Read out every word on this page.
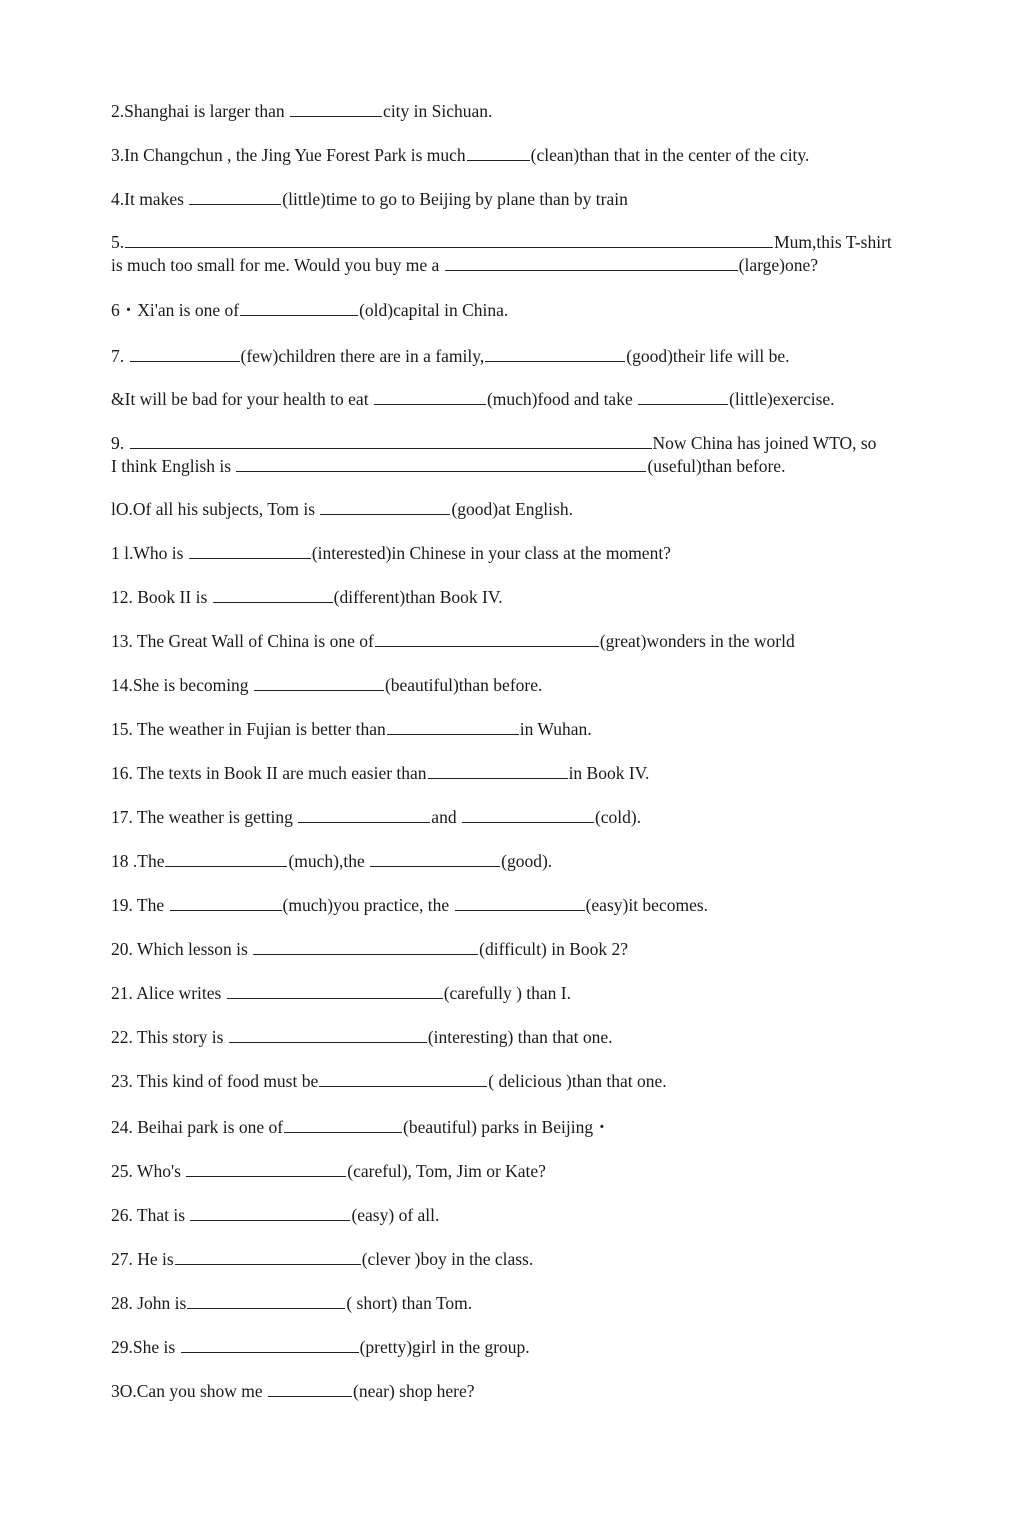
2.Shanghai is larger than	city in Sichuan.
3.In Changchun , the Jing Yue Forest Park is much	(clean)than that in the center of the city.
4.It makes	(little)time to go to Beijing by plane than by train
5.	Mum,this T-shirt
is much too small for me. Would you buy me a	(large)one?
6・Xi'an is one of	(old)capital in China.
7.	(few)children there are in a family,	(good)their life will be.
&It will be bad for your health to eat	(much)food and take	(little)exercise.
9.	Now China has joined WTO, so
I think English is	(useful)than before.
lO.Of all his subjects, Tom is	(good)at English.
1 l.Who is	(interested)in Chinese in your class at the moment?
12. Book II is	(different)than Book IV.
13. The Great Wall of China is one of	(great)wonders in the world
14.She is becoming	(beautiful)than before.
15. The weather in Fujian is better than	in Wuhan.
16. The texts in Book II are much easier than	in Book IV.
17. The weather is getting	and	(cold).
18 .The	(much),the	(good).
19. The	(much)you practice, the	(easy)it becomes.
20. Which lesson is	(difficult) in Book 2?
21. Alice writes	(carefully ) than I.
22. This story is	(interesting) than that one.
23. This kind of food must be	( delicious )than that one.
24. Beihai park is one of	(beautiful) parks in Beijing・
25. Who's	(careful), Tom, Jim or Kate?
26. That is	(easy) of all.
27. He is	(clever )boy in the class.
28. John is	( short) than Tom.
29.She is	(pretty)girl in the group.
3O.Can you show me	(near) shop here?
